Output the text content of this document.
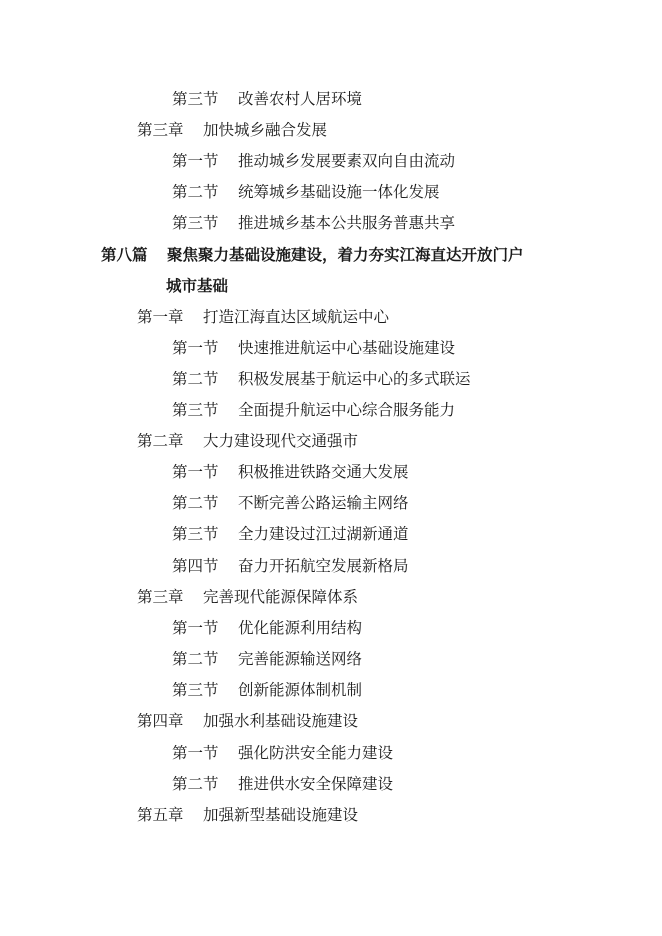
第三节 改善农村人居环境
第三章 加快城乡融合发展
第一节 推动城乡发展要素双向自由流动
第二节 统筹城乡基础设施一体化发展
第三节 推进城乡基本公共服务普惠共享
第八篇 聚焦聚力基础设施建设，着力夯实江海直达开放门户
城市基础
第一章 打造江海直达区域航运中心
第一节 快速推进航运中心基础设施建设
第二节 积极发展基于航运中心的多式联运
第三节 全面提升航运中心综合服务能力
第二章 大力建设现代交通强市
第一节 积极推进铁路交通大发展
第二节 不断完善公路运输主网络
第三节 全力建设过江过湖新通道
第四节 奋力开拓航空发展新格局
第三章 完善现代能源保障体系
第一节 优化能源利用结构
第二节 完善能源输送网络
第三节 创新能源体制机制
第四章 加强水利基础设施建设
第一节 强化防洪安全能力建设
第二节 推进供水安全保障建设
第五章 加强新型基础设施建设
